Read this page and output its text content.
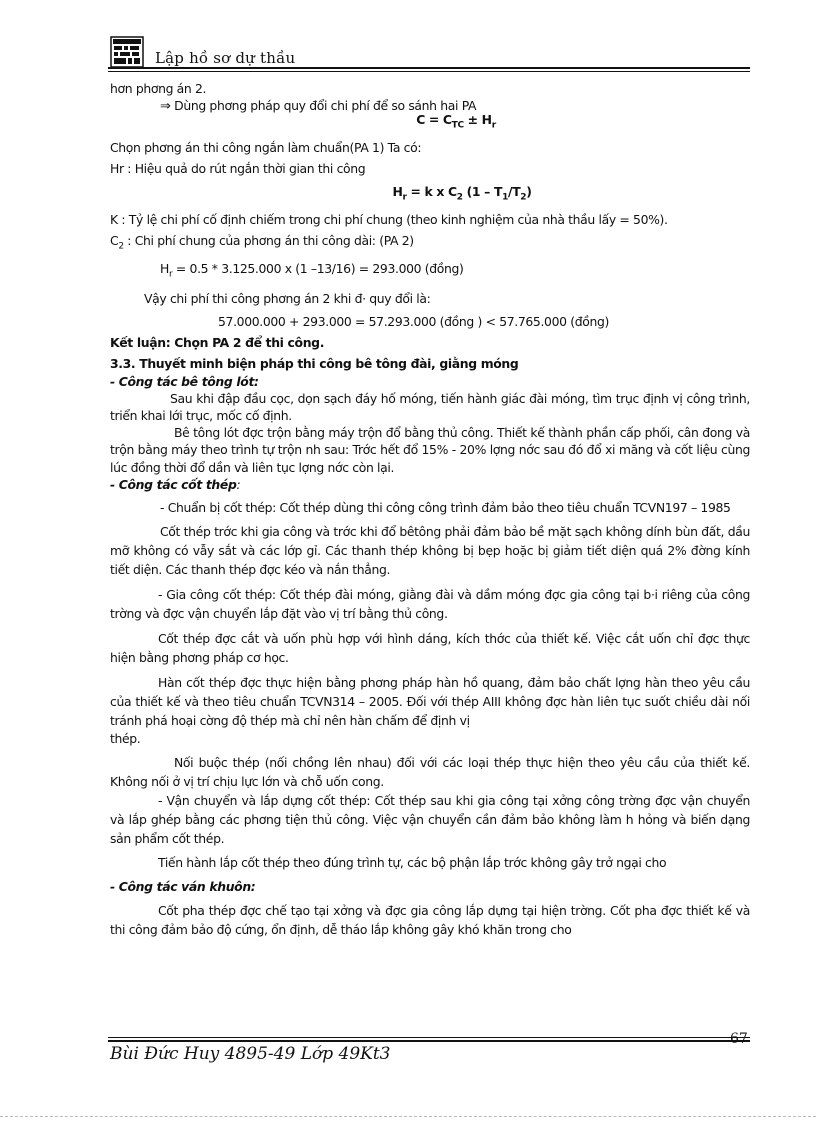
Lập hồ sơ dự thầu

hơn phơng án 2.

⇒ Dùng phơng pháp quy đổi chi phí để so sánh hai PA

$C = C_{TC} \pm H_r$

Chọn phơng án thi công ngắn làm chuẩn(PA 1) Ta có:

Hr : Hiệu quả do rút ngắn thời gian thi công

$H_r = k$ x $C_2$ $(1 - T_1/T_2)$

K : Tỷ lệ chi phí cố định chiếm trong chi phí chung (theo kinh nghiệm của nhà thầu lấy = 50%).

$C_2$ : Chi phí chung của phơng án thi công dài: (PA 2)

$H_r = 0.5 * 3.125.000$ x (1 –13/16) = 293.000 (đồng)

Vậy chi phí thi công phơng án 2 khi đ· quy đổi là:

57.000.000 + 293.000 = 57.293.000 (đồng ) < 57.765.000 (đồng)

Kết luận: Chọn PA 2 để thi công.

3.3. Thuyết minh biện pháp thi công bê tông đài, giằng móng

- Công tác bê tông lót:

Sau khi đập đầu cọc, dọn sạch đáy hố móng, tiến hành giác đài móng, tìm trục định vị công trình, triển khai lới trục, mốc cố định.

Bê tông lót đợc trộn bằng máy trộn đổ bằng thủ công. Thiết kế thành phần cấp phối, cân đong và trộn bằng máy theo trình tự trộn nh sau: Trớc hết đổ 15% - 20% lợng nớc sau đó đổ xi măng và cốt liệu cùng lúc đồng thời đổ dần và liên tục lợng nớc còn lại.

- Công tác cốt thép:

- Chuẩn bị cốt thép: Cốt thép dùng thi công công trình đảm bảo theo tiêu chuẩn TCVN197 – 1985

Cốt thép trớc khi gia công và trớc khi đổ bêtông phải đảm bảo bề mặt sạch không dính bùn đất, dầu mỡ không có vẫy sắt và các lớp gỉ. Các thanh thép không bị bẹp hoặc bị giảm tiết diện quá 2% đờng kính tiết diện. Các thanh thép đợc kéo và nắn thẳng.

- Gia công cốt thép: Cốt thép đài móng, giằng đài và dầm móng đợc gia công tại b·i riêng của công trờng và đợc vận chuyển lắp đặt vào vị trí bằng thủ công.

Cốt thép đợc cắt và uốn phù hợp với hình dáng, kích thớc của thiết kế. Việc cắt uốn chỉ đợc thực hiện bằng phơng pháp cơ học.

Hàn cốt thép đợc thực hiện bằng phơng pháp hàn hồ quang, đảm bảo chất lợng hàn theo yêu cầu của thiết kế và theo tiêu chuẩn TCVN314 – 2005. Đối với thép AIII không đợc hàn liên tục suốt chiều dài nối tránh phá hoại cờng độ thép mà chỉ nên hàn chấm để định vị

thép.

Nối buộc thép (nối chồng lên nhau) đối với các loại thép thực hiện theo yêu cầu của thiết kế. Không nối ở vị trí chịu lực lớn và chỗ uốn cong.

- Vận chuyển và lắp dựng cốt thép: Cốt thép sau khi gia công tại xởng công trờng đợc vận chuyển và lắp ghép bằng các phơng tiện thủ công. Việc vận chuyển cần đảm bảo không làm h hỏng và biến dạng sản phẩm cốt thép.

Tiến hành lắp cốt thép theo đúng trình tự, các bộ phận lắp trớc không gây trở ngại cho

- Công tác ván khuôn:

Cốt pha thép đợc chế tạo tại xởng và đợc gia công lắp dựng tại hiện trờng. Cốt pha đợc thiết kế và thi công đảm bảo độ cứng, ổn định, dễ tháo lắp không gây khó khăn trong cho

Bùi Đức Huy 4895-49 Lớp 49Kt3
67
